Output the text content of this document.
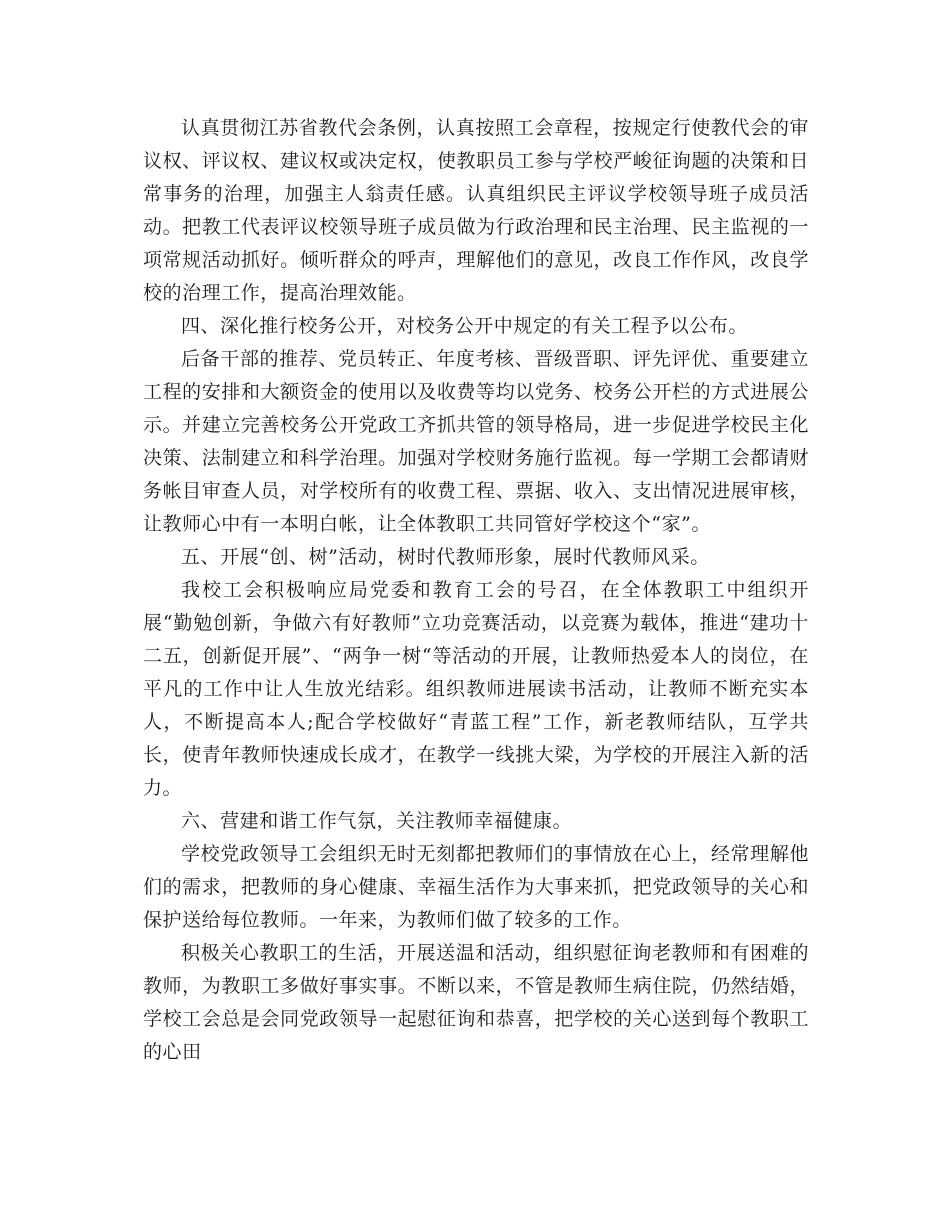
认真贯彻江苏省教代会条例，认真按照工会章程，按规定行使教代会的审议权、评议权、建议权或决定权，使教职员工参与学校严峻征询题的决策和日常事务的治理，加强主人翁责任感。认真组织民主评议学校领导班子成员活动。把教工代表评议校领导班子成员做为行政治理和民主治理、民主监视的一项常规活动抓好。倾听群众的呼声，理解他们的意见，改良工作作风，改良学校的治理工作，提高治理效能。

四、深化推行校务公开，对校务公开中规定的有关工程予以公布。

后备干部的推荐、党员转正、年度考核、晋级晋职、评先评优、重要建立工程的安排和大额资金的使用以及收费等均以党务、校务公开栏的方式进展公示。并建立完善校务公开党政工齐抓共管的领导格局，进一步促进学校民主化决策、法制建立和科学治理。加强对学校财务施行监视。每一学期工会都请财务帐目审查人员，对学校所有的收费工程、票据、收入、支出情况进展审核，让教师心中有一本明白帐，让全体教职工共同管好学校这个“家”。

五、开展“创、树”活动，树时代教师形象，展时代教师风采。

我校工会积极响应局党委和教育工会的号召，在全体教职工中组织开展“勤勉创新，争做六有好教师”立功竞赛活动，以竞赛为载体，推进“建功十二五，创新促开展”、“两争一树“等活动的开展，让教师热爱本人的岗位，在平凡的工作中让人生放光结彩。组织教师进展读书活动，让教师不断充实本人，不断提高本人;配合学校做好“青蓝工程”工作，新老教师结队，互学共长，使青年教师快速成长成才，在教学一线挑大梁，为学校的开展注入新的活力。

六、营建和谐工作气氛，关注教师幸福健康。

学校党政领导工会组织无时无刻都把教师们的事情放在心上，经常理解他们的需求，把教师的身心健康、幸福生活作为大事来抓，把党政领导的关心和保护送给每位教师。一年来，为教师们做了较多的工作。

积极关心教职工的生活，开展送温和活动，组织慰征询老教师和有困难的教师，为教职工多做好事实事。不断以来，不管是教师生病住院，仍然结婚，学校工会总是会同党政领导一起慰征询和恭喜，把学校的关心送到每个教职工的心田
